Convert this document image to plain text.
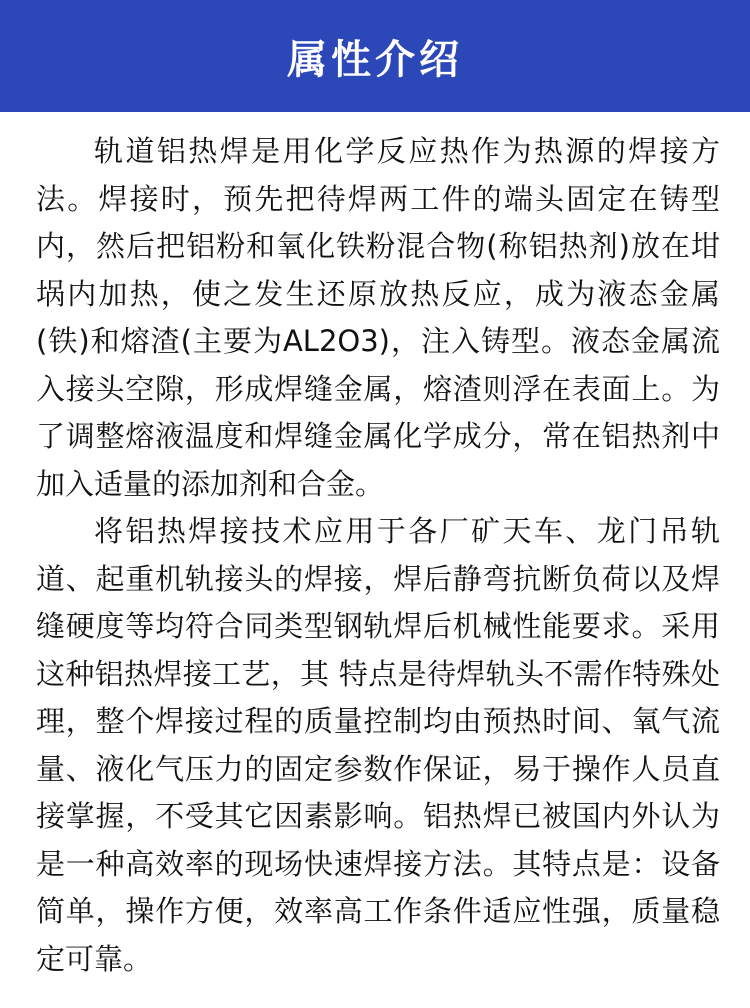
属性介绍

轨道铝热焊是用化学反应热作为热源的焊接方法。焊接时，预先把待焊两工件的端头固定在铸型内，然后把铝粉和氧化铁粉混合物(称铝热剂)放在坩埚内加热，使之发生还原放热反应，成为液态金属(铁)和熔渣(主要为AL2O3)，注入铸型。液态金属流入接头空隙，形成焊缝金属，熔渣则浮在表面上。为了调整熔液温度和焊缝金属化学成分，常在铝热剂中加入适量的添加剂和合金。

将铝热焊接技术应用于各厂矿天车、龙门吊轨道、起重机轨接头的焊接，焊后静弯抗断负荷以及焊缝硬度等均符合同类型钢轨焊后机械性能要求。采用这种铝热焊接工艺，其 特点是待焊轨头不需作特殊处理，整个焊接过程的质量控制均由预热时间、氧气流量、液化气压力的固定参数作保证，易于操作人员直接掌握，不受其它因素影响。铝热焊已被国内外认为是一种高效率的现场快速焊接方法。其特点是：设备简单，操作方便，效率高工作条件适应性强，质量稳定可靠。
